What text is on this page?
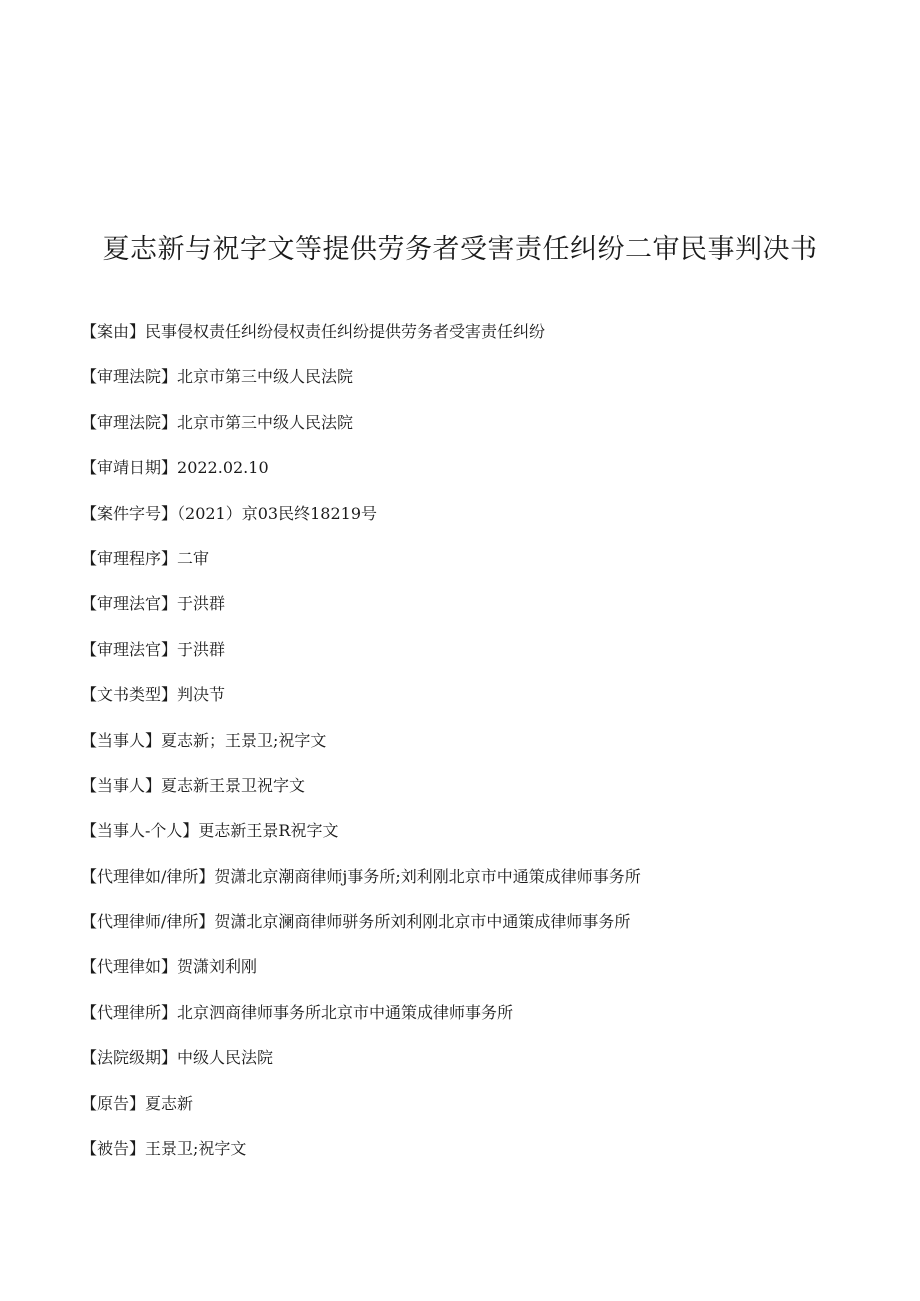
夏志新与祝字文等提供劳务者受害责任纠纷二审民事判决书
【案由】民事侵权责任纠纷侵权责任纠纷提供劳务者受害责任纠纷
【审理法院】北京市第三中级人民法院
【审理法院】北京市第三中级人民法院
【审靖日期】2022.02.10
【案件字号】（2021）京03民终18219号
【审理程序】二审
【审理法官】于洪群
【审理法官】于洪群
【文书类型】判决节
【当事人】夏志新；王景卫;祝字文
【当事人】夏志新王景卫祝字文
【当事人-个人】更志新王景R祝字文
【代理律如/律所】贺潇北京潮商律师j事务所;刘利刚北京市中通策成律师事务所
【代理律师/律所】贺潇北京澜商律师骈务所刘利刚北京市中通策成律师事务所
【代理律如】贺潇刘利刚
【代理律所】北京泗商律师事务所北京市中通策成律师事务所
【法院级期】中级人民法院
【原告】夏志新
【被告】王景卫;祝字文
